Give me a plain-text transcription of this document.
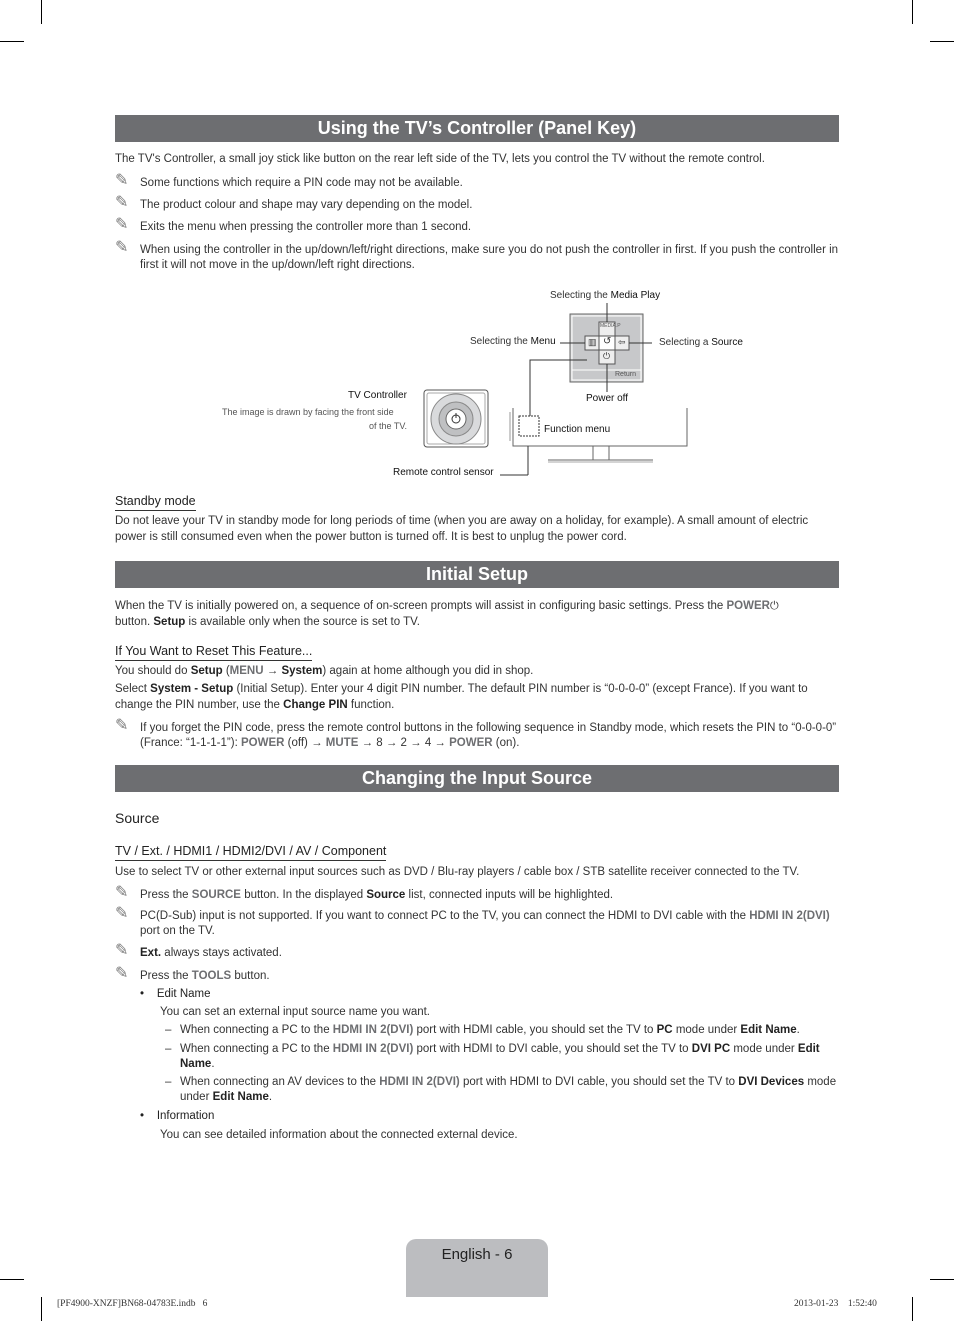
Using the TV’s Controller (Panel Key)
The TV's Controller, a small joy stick like button on the rear left side of the TV, lets you control the TV without the remote control.
✎ Some functions which require a PIN code may not be available.
✎ The product colour and shape may vary depending on the model.
✎ Exits the menu when pressing the controller more than 1 second.
✎ When using the controller in the up/down/left/right directions, make sure you do not push the controller in first. If you push the controller in first it will not move in the up/down/left right directions.
MEDIA.P
▥ ↺ ⇦
⏻
Return
Selecting the Media Play
Selecting the Menu	Selecting a Source
Power off
TV Controller
The image is drawn by facing the front side
of the TV.	Function menu
Remote control sensor
Standby mode
Do not leave your TV in standby mode for long periods of time (when you are away on a holiday, for example). A small amount of electric power is still consumed even when the power button is turned off. It is best to unplug the power cord.
Initial Setup
When the TV is initially powered on, a sequence of on-screen prompts will assist in configuring basic settings. Press the POWER⏻
button. Setup is available only when the source is set to TV.
If You Want to Reset This Feature...
You should do Setup (MENU → System) again at home although you did in shop.
Select System - Setup (Initial Setup). Enter your 4 digit PIN number. The default PIN number is “0-0-0-0” (except France). If you want to change the PIN number, use the Change PIN function.
✎ If you forget the PIN code, press the remote control buttons in the following sequence in Standby mode, which resets the PIN to “0-0-0-0” (France: “1-1-1-1”): POWER (off) → MUTE → 8 → 2 → 4 → POWER (on).
Changing the Input Source
Source
TV / Ext. / HDMI1 / HDMI2/DVI / AV / Component
Use to select TV or other external input sources such as DVD / Blu-ray players / cable box / STB satellite receiver connected to the TV.
✎ Press the SOURCE button. In the displayed Source list, connected inputs will be highlighted.
✎ PC(D-Sub) input is not supported. If you want to connect PC to the TV, you can connect the HDMI to DVI cable with the HDMI IN 2(DVI) port on the TV.
✎ Ext. always stays activated.
✎ Press the TOOLS button.
•    Edit Name
You can set an external input source name you want.
– When connecting a PC to the HDMI IN 2(DVI) port with HDMI cable, you should set the TV to PC mode under Edit Name.
– When connecting a PC to the HDMI IN 2(DVI) port with HDMI to DVI cable, you should set the TV to DVI PC mode under Edit Name.
– When connecting an AV devices to the HDMI IN 2(DVI) port with HDMI to DVI cable, you should set the TV to DVI Devices mode under Edit Name.
•    Information
You can see detailed information about the connected external device.
English - 6
[PF4900-XNZF]BN68-04783E.indb   6	2013-01-23   ​ 1:52:40
